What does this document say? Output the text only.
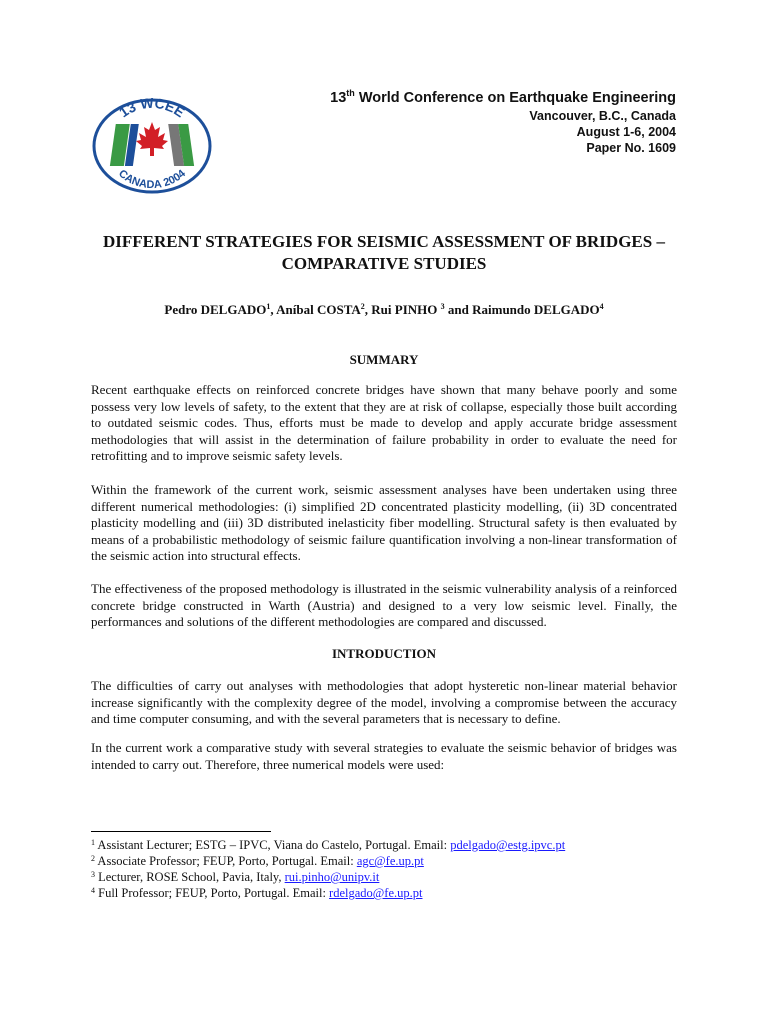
13 WCEE
CANADA 2004
13th World Conference on Earthquake Engineering
Vancouver, B.C., Canada
August 1-6, 2004
Paper No. 1609
DIFFERENT STRATEGIES FOR SEISMIC ASSESSMENT OF BRIDGES –
COMPARATIVE STUDIES
Pedro DELGADO$^1$, Aníbal COSTA$^2$, Rui PINHO $^3$ and Raimundo DELGADO$^4$
SUMMARY
Recent earthquake effects on reinforced concrete bridges have shown that many behave poorly and some possess very low levels of safety, to the extent that they are at risk of collapse, especially those built according to outdated seismic codes. Thus, efforts must be made to develop and apply accurate bridge assessment methodologies that will assist in the determination of failure probability in order to evaluate the need for retrofitting and to improve seismic safety levels.
Within the framework of the current work, seismic assessment analyses have been undertaken using three different numerical methodologies: (i) simplified 2D concentrated plasticity modelling, (ii) 3D concentrated plasticity modelling and (iii) 3D distributed inelasticity fiber modelling. Structural safety is then evaluated by means of a probabilistic methodology of seismic failure quantification involving a non-linear transformation of the seismic action into structural effects.
The effectiveness of the proposed methodology is illustrated in the seismic vulnerability analysis of a reinforced concrete bridge constructed in Warth (Austria) and designed to a very low seismic level. Finally, the performances and solutions of the different methodologies are compared and discussed.
INTRODUCTION
The difficulties of carry out analyses with methodologies that adopt hysteretic non-linear material behavior increase significantly with the complexity degree of the model, involving a compromise between the accuracy and time computer consuming, and with the several parameters that is necessary to define.
In the current work a comparative study with several strategies to evaluate the seismic behavior of bridges was intended to carry out. Therefore, three numerical models were used:
$^1$ Assistant Lecturer; ESTG – IPVC, Viana do Castelo, Portugal. Email: pdelgado@estg.ipvc.pt
$^2$ Associate Professor; FEUP, Porto, Portugal. Email: agc@fe.up.pt
$^3$ Lecturer, ROSE School, Pavia, Italy, rui.pinho@unipv.it
$^4$ Full Professor; FEUP, Porto, Portugal. Email: rdelgado@fe.up.pt
